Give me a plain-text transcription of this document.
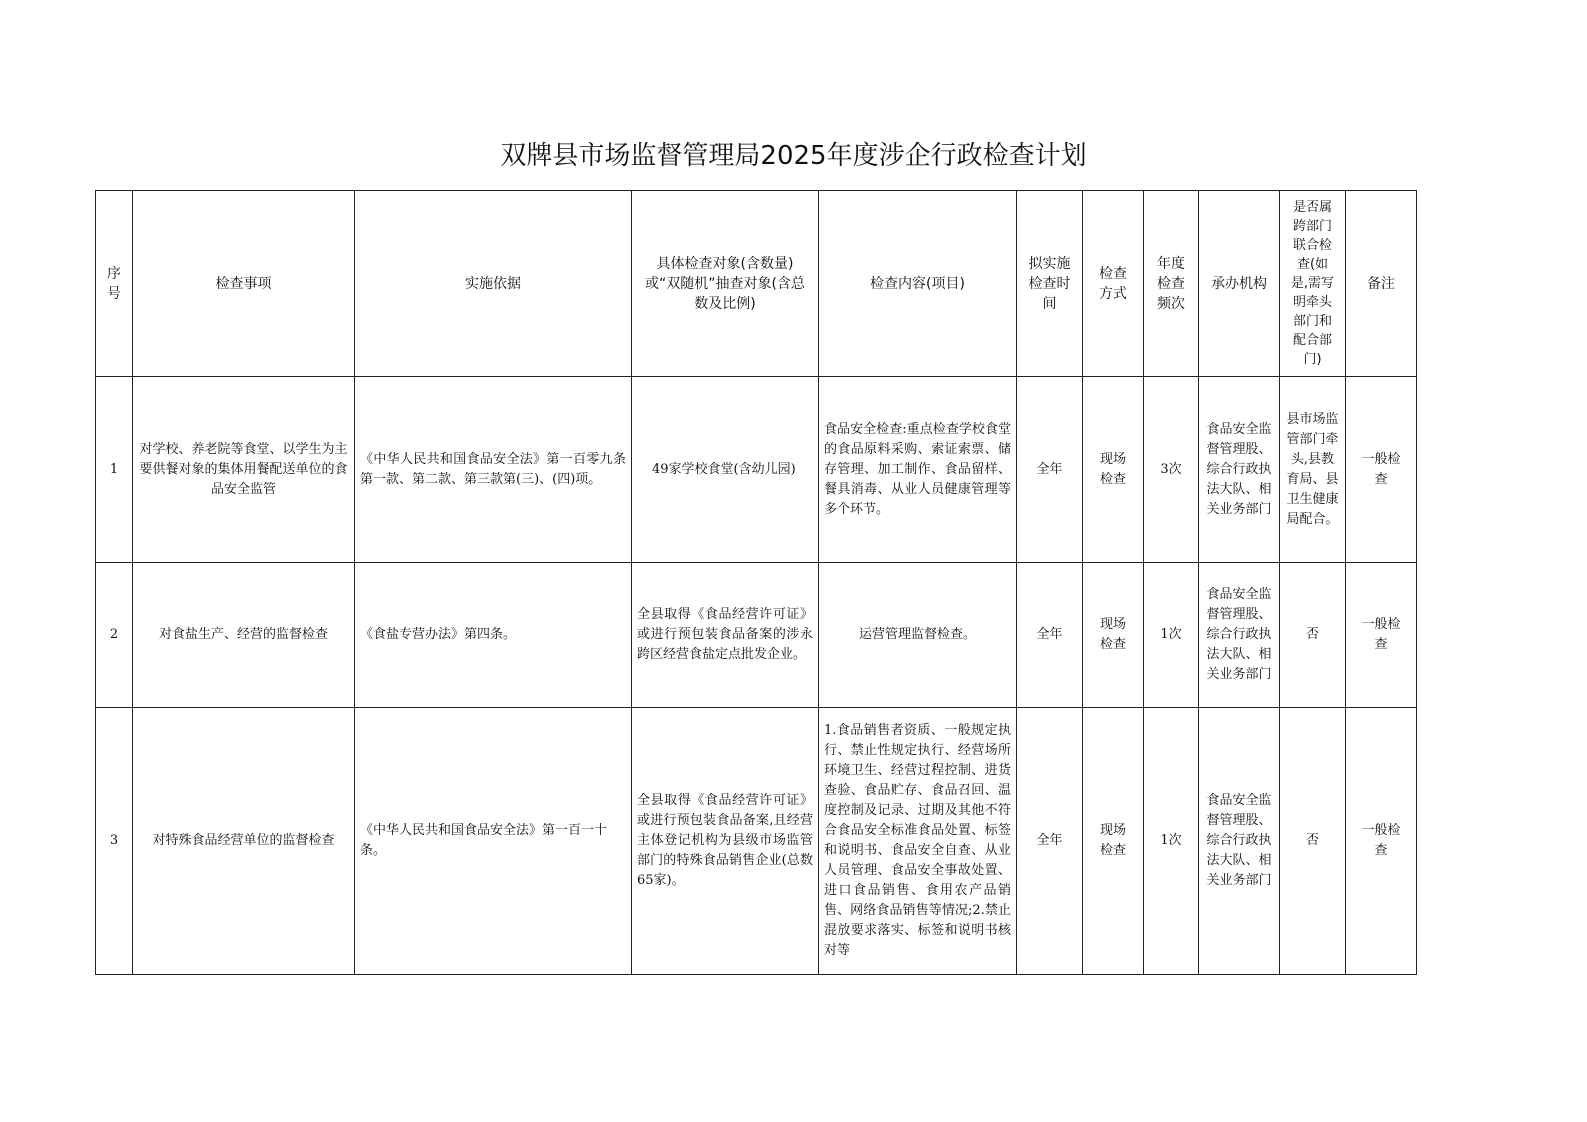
双牌县市场监督管理局2025年度涉企行政检查计划
序号	检查事项	实施依据	具体检查对象(含数量)或“双随机”抽查对象(含总数及比例)	检查内容(项目)	拟实施检查时间	检查方式	年度检查频次	承办机构	是否属跨部门联合检查(如是,需写明牵头部门和配合部门)	备注
1	对学校、养老院等食堂、以学生为主要供餐对象的集体用餐配送单位的食品安全监管	《中华人民共和国食品安全法》第一百零九条第一款、第二款、第三款第(三)、(四)项。	49家学校食堂(含幼儿园)	食品安全检查:重点检查学校食堂的食品原料采购、索证索票、储存管理、加工制作、食品留样、餐具消毒、从业人员健康管理等多个环节。	全年	现场检查	3次	食品安全监督管理股、综合行政执法大队、相关业务部门	县市场监管部门牵头,县教育局、县卫生健康局配合。	一般检查

2	对食盐生产、经营的监督检查	《食盐专营办法》第四条。	全县取得《食品经营许可证》或进行预包装食品备案的涉永跨区经营食盐定点批发企业。	运营管理监督检查。	全年	现场检查	1次	食品安全监督管理股、综合行政执法大队、相关业务部门	否	一般检查

3	对特殊食品经营单位的监督检查	《中华人民共和国食品安全法》第一百一十条。	全县取得《食品经营许可证》或进行预包装食品备案,且经营主体登记机构为县级市场监管部门的特殊食品销售企业(总数65家)。	1.食品销售者资质、一般规定执行、禁止性规定执行、经营场所环境卫生、经营过程控制、进货查验、食品贮存、食品召回、温度控制及记录、过期及其他不符合食品安全标准食品处置、标签和说明书、食品安全自查、从业人员管理、食品安全事故处置、进口食品销售、食用农产品销售、网络食品销售等情况;2.禁止混放要求落实、标签和说明书核对等	全年	现场检查	1次	食品安全监督管理股、综合行政执法大队、相关业务部门	否	一般检查
